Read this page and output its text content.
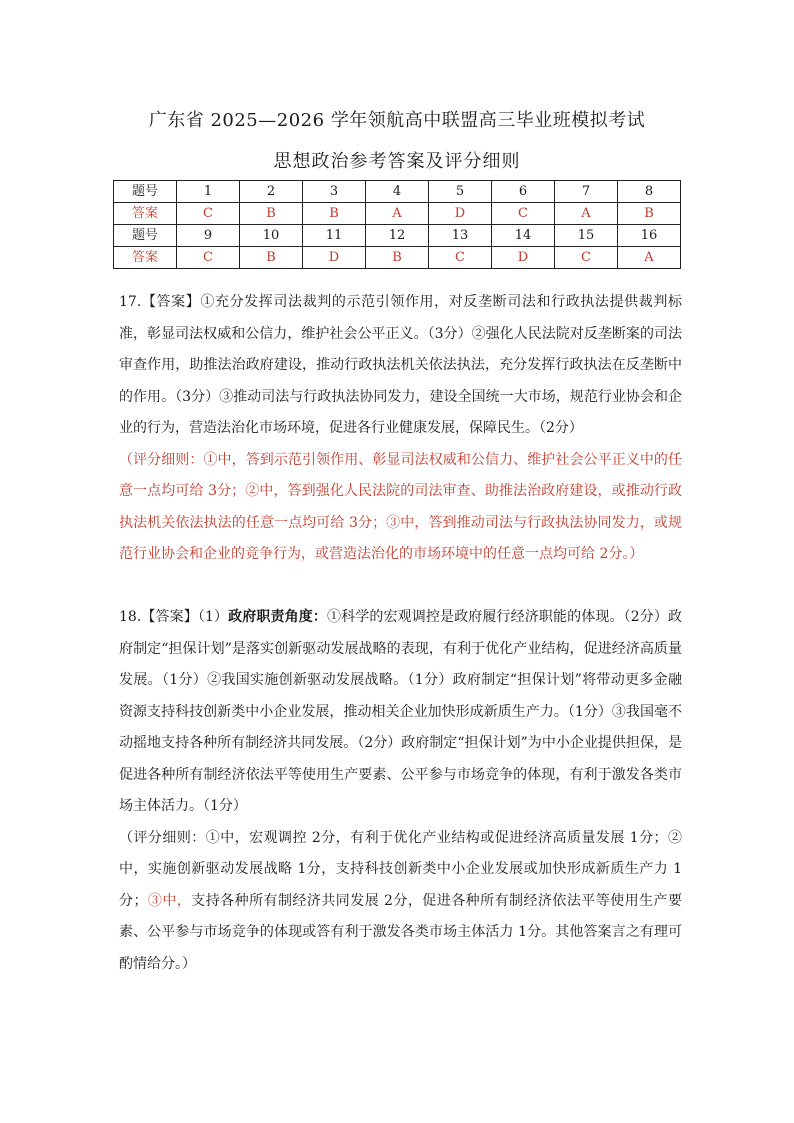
广东省 2025—2026 学年领航高中联盟高三毕业班模拟考试
思想政治参考答案及评分细则
题号	1	2	3	4	5	6	7	8
答案	C	B	B	A	D	C	A	B
题号	9	10	11	12	13	14	15	16
答案	C	B	D	B	C	D	C	A
17.【答案】①充分发挥司法裁判的示范引领作用，对反垄断司法和行政执法提供裁判标准，彰显司法权威和公信力，维护社会公平正义。（3分）②强化人民法院对反垄断案的司法审查作用，助推法治政府建设，推动行政执法机关依法执法，充分发挥行政执法在反垄断中的作用。（3分）③推动司法与行政执法协同发力，建设全国统一大市场，规范行业协会和企业的行为，营造法治化市场环境，促进各行业健康发展，保障民生。（2分）
（评分细则：①中，答到示范引领作用、彰显司法权威和公信力、维护社会公平正义中的任意一点均可给 3分；②中，答到强化人民法院的司法审查、助推法治政府建设，或推动行政执法机关依法执法的任意一点均可给 3分；③中，答到推动司法与行政执法协同发力，或规范行业协会和企业的竞争行为，或营造法治化的市场环境中的任意一点均可给 2分。）
18.【答案】（1）政府职责角度：①科学的宏观调控是政府履行经济职能的体现。（2分）政府制定“担保计划”是落实创新驱动发展战略的表现，有利于优化产业结构，促进经济高质量发展。（1分）②我国实施创新驱动发展战略。（1分）政府制定“担保计划”将带动更多金融资源支持科技创新类中小企业发展，推动相关企业加快形成新质生产力。（1分）③我国毫不动摇地支持各种所有制经济共同发展。（2分）政府制定“担保计划”为中小企业提供担保，是促进各种所有制经济依法平等使用生产要素、公平参与市场竞争的体现，有利于激发各类市场主体活力。（1分）
（评分细则：①中，宏观调控 2分，有利于优化产业结构或促进经济高质量发展 1分；②中，实施创新驱动发展战略 1分，支持科技创新类中小企业发展或加快形成新质生产力 1分；③中，支持各种所有制经济共同发展 2分，促进各种所有制经济依法平等使用生产要素、公平参与市场竞争的体现或答有利于激发各类市场主体活力 1分。其他答案言之有理可酌情给分。）
